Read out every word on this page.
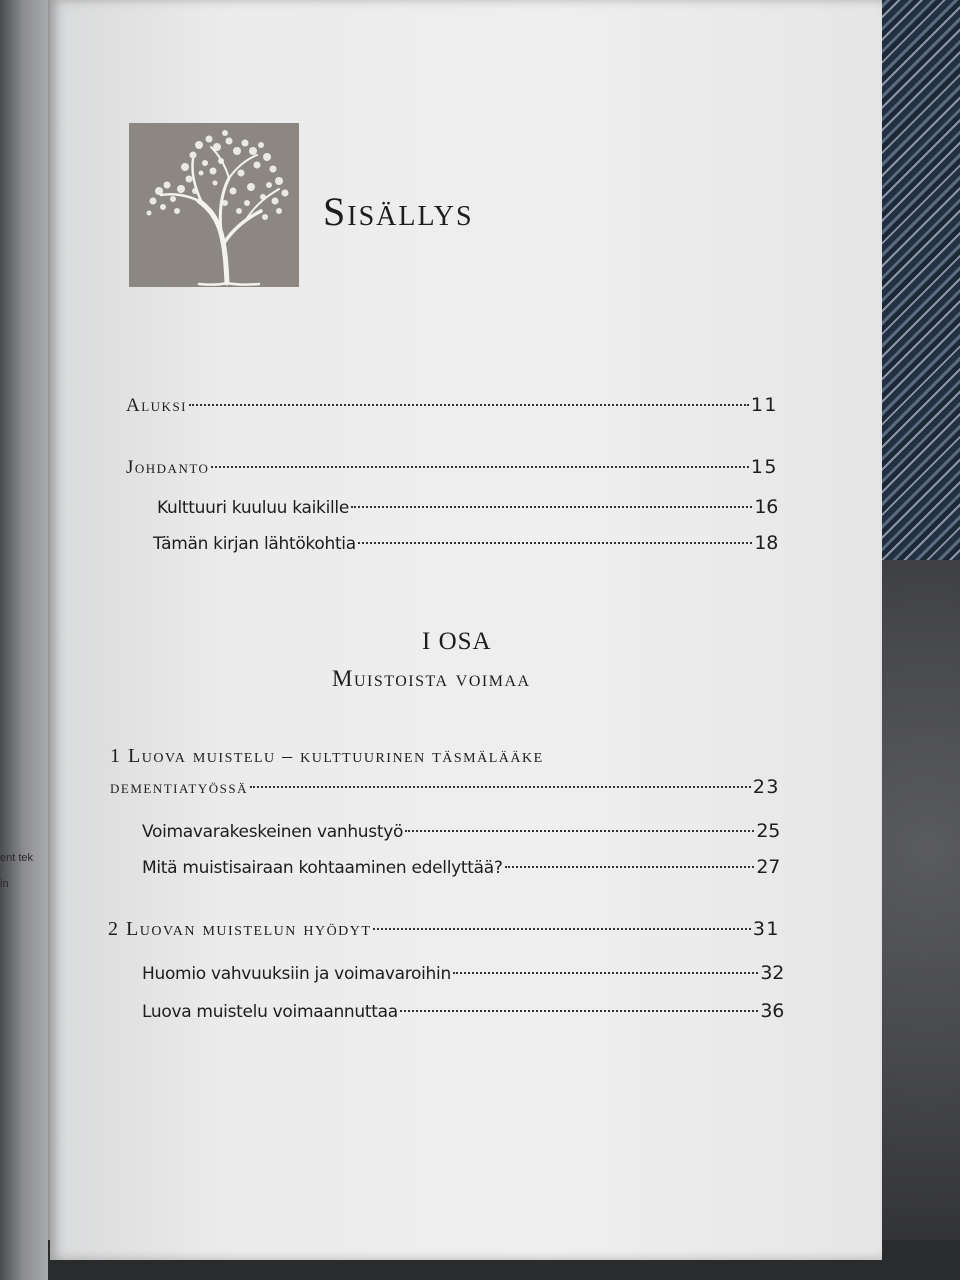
ent tek
in
Sisällys
Aluksi	11
Johdanto	15
Kulttuuri kuuluu kaikille	16
Tämän kirjan lähtökohtia	18
I OSA
Muistoista voimaa
1 Luova muistelu – kulttuurinen täsmälääke
dementiatyössä	23
Voimavarakeskeinen vanhustyö	25
Mitä muistisairaan kohtaaminen edellyttää?	27
2 Luovan muistelun hyödyt	31
Huomio vahvuuksiin ja voimavaroihin	32
Luova muistelu voimaannuttaa	36
